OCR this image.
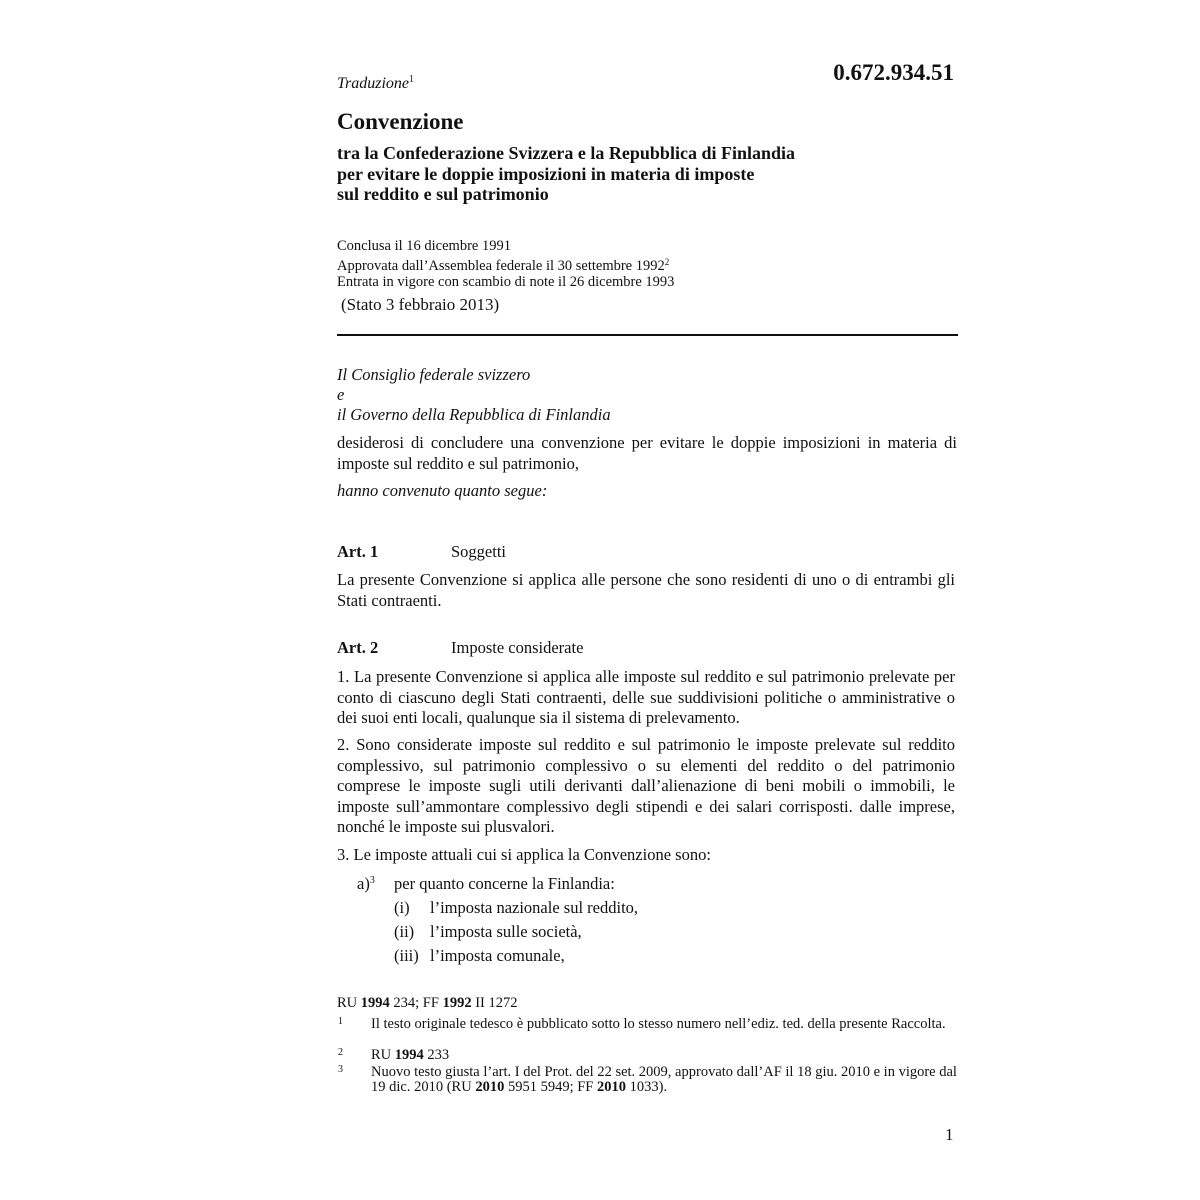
Traduzione$^1$	0.672.934.51
Convenzione
tra la Confederazione Svizzera e la Repubblica di Finlandia
per evitare le doppie imposizioni in materia di imposte
sul reddito e sul patrimonio
Conclusa il 16 dicembre 1991
Approvata dall’Assemblea federale il 30 settembre 1992$^2$
Entrata in vigore con scambio di note il 26 dicembre 1993
(Stato 3 febbraio 2013)
Il Consiglio federale svizzero
e
il Governo della Repubblica di Finlandia
desiderosi di concludere una convenzione per evitare le doppie imposizioni in materia di imposte sul reddito e sul patrimonio,
hanno convenuto quanto segue:
Art. 1	Soggetti
La presente Convenzione si applica alle persone che sono residenti di uno o di entrambi gli Stati contraenti.
Art. 2	Imposte considerate
1. La presente Convenzione si applica alle imposte sul reddito e sul patrimonio prelevate per conto di ciascuno degli Stati contraenti, delle sue suddivisioni politiche o amministrative o dei suoi enti locali, qualunque sia il sistema di prelevamento.
2. Sono considerate imposte sul reddito e sul patrimonio le imposte prelevate sul reddito complessivo, sul patrimonio complessivo o su elementi del reddito o del patrimonio comprese le imposte sugli utili derivanti dall’alienazione di beni mobili o immobili, le imposte sull’ammontare complessivo degli stipendi e dei salari corrisposti. dalle imprese, nonché le imposte sui plusvalori.
3. Le imposte attuali cui si applica la Convenzione sono:
a)$^3$ per quanto concerne la Finlandia:
(i) l’imposta nazionale sul reddito,
(ii) l’imposta sulle società,
(iii) l’imposta comunale,
RU 1994 234; FF 1992 II 1272
1 Il testo originale tedesco è pubblicato sotto lo stesso numero nell’ediz. ted. della presente Raccolta.
2 RU 1994 233
3 Nuovo testo giusta l’art. I del Prot. del 22 set. 2009, approvato dall’AF il 18 giu. 2010 e in vigore dal 19 dic. 2010 (RU 2010 5951 5949; FF 2010 1033).
1
